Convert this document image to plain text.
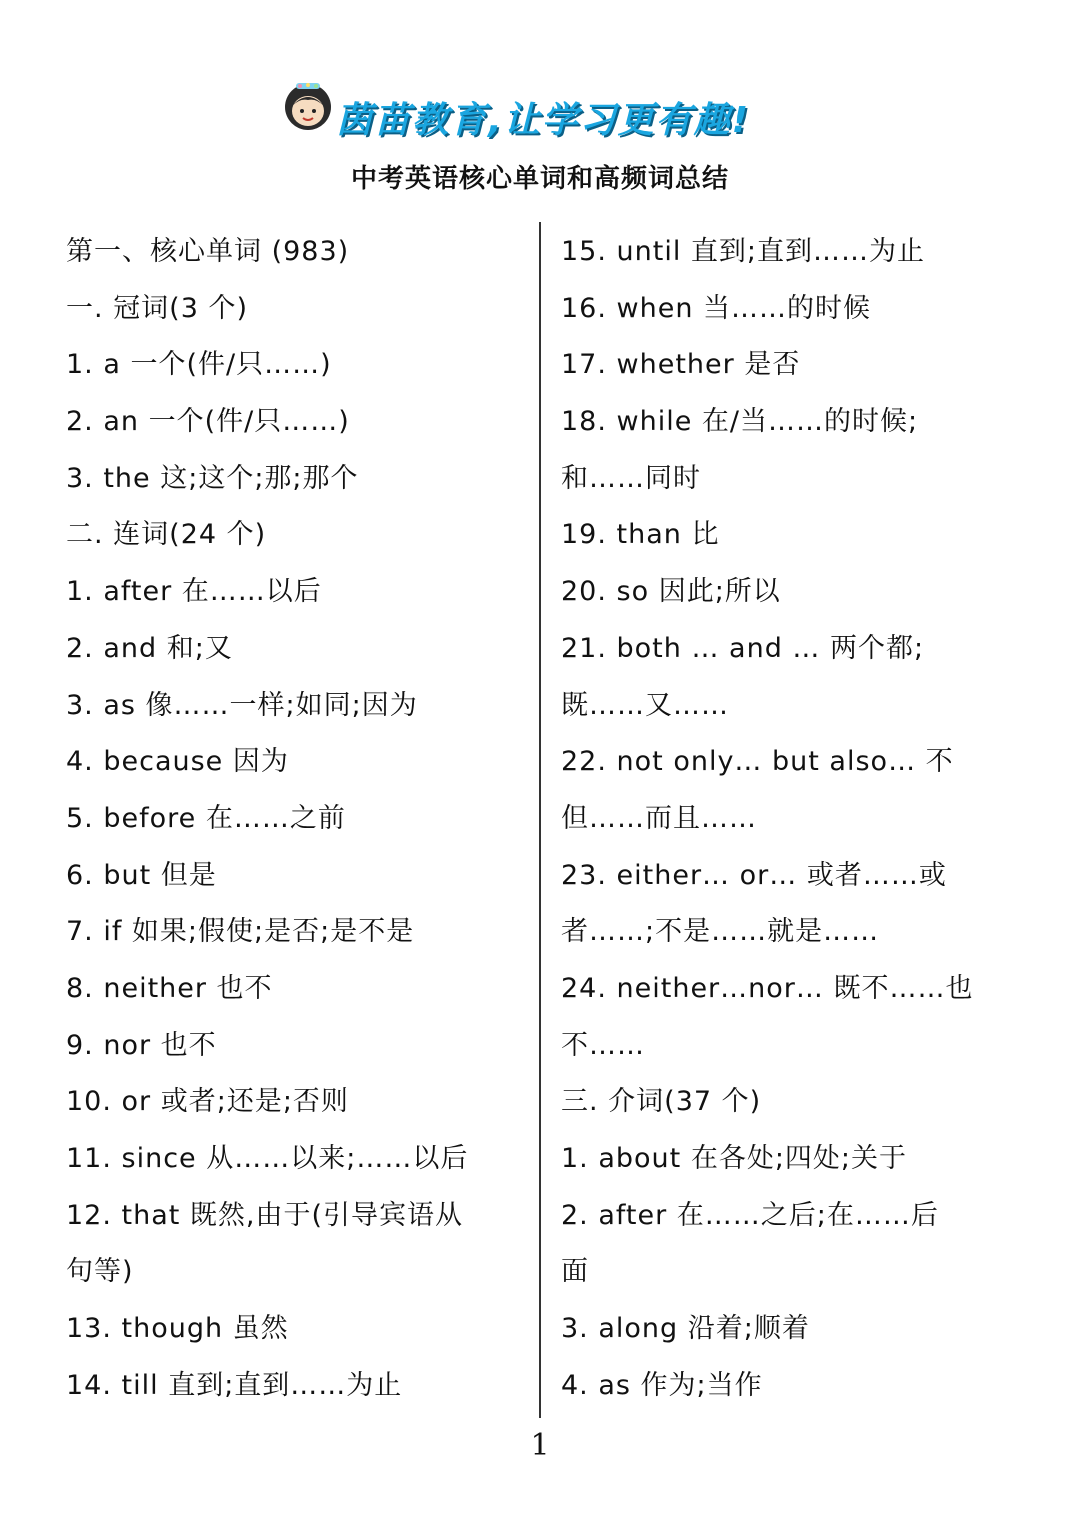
茵苗教育,让学习更有趣!
中考英语核心单词和高频词总结
第一、核心单词 (983)
一. 冠词(3 个)
1. a 一个(件/只……)
2. an 一个(件/只……)
3. the 这;这个;那;那个
二. 连词(24 个)
1. after 在……以后
2. and 和;又
3. as 像……一样;如同;因为
4. because 因为
5. before 在……之前
6. but 但是
7. if 如果;假使;是否;是不是
8. neither 也不
9. nor 也不
10. or 或者;还是;否则
11. since 从……以来;……以后
12. that 既然,由于(引导宾语从
句等)
13. though 虽然
14. till 直到;直到……为止
15. until 直到;直到……为止
16. when 当……的时候
17. whether 是否
18. while 在/当……的时候;
和……同时
19. than 比
20. so 因此;所以
21. both … and … 两个都;
既……又……
22. not only… but also… 不
但……而且……
23. either… or… 或者……或
者……;不是……就是……
24. neither…nor… 既不……也
不……
三. 介词(37 个)
1. about 在各处;四处;关于
2. after 在……之后;在……后
面
3. along 沿着;顺着
4. as 作为;当作
1
